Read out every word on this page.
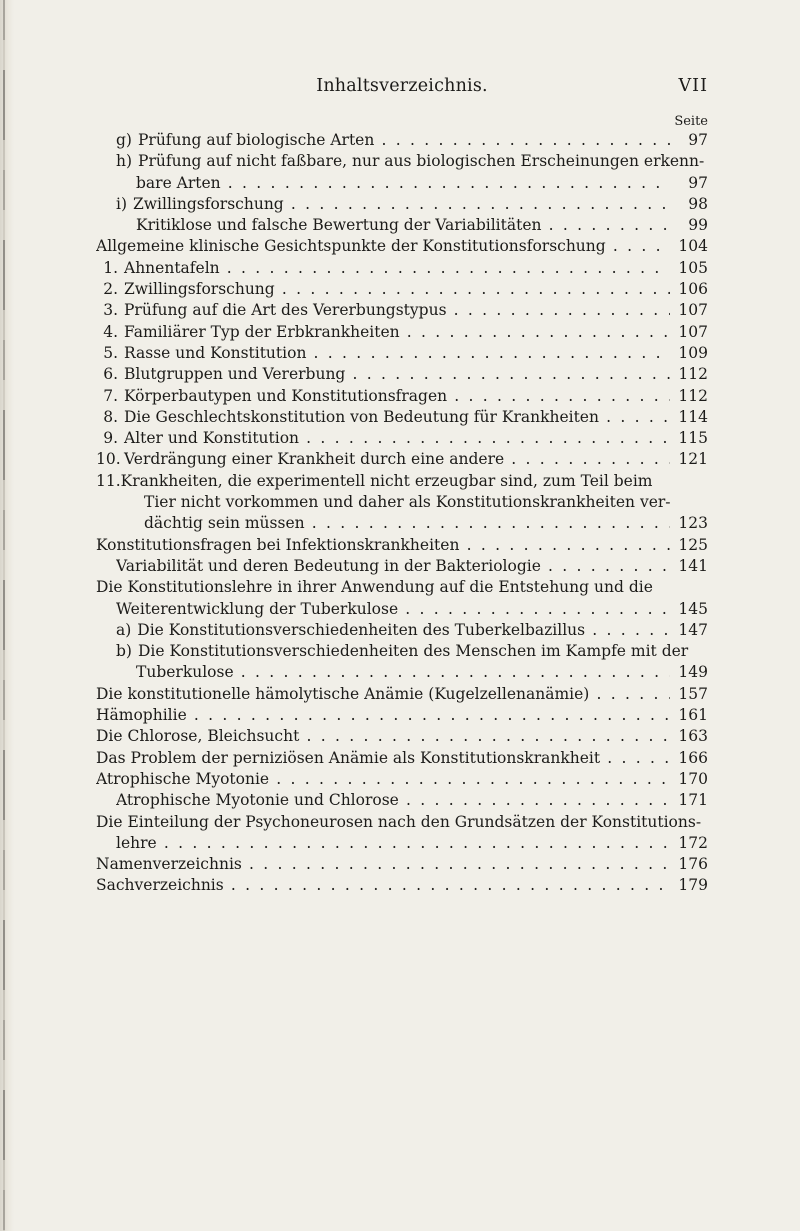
Inhaltsverzeichnis.	VII
Seite
g) Prüfung auf biologische Arten . . .	97
h) Prüfung auf nicht faßbare, nur aus biologischen Erscheinungen erkenn-
bare Arten . . .	97
i) Zwillingsforschung . . .	98
Kritiklose und falsche Bewertung der Variabilitäten . . .	99
Allgemeine klinische Gesichtspunkte der Konstitutionsforschung . . .	104
1. Ahnentafeln . . .	105
2. Zwillingsforschung . . .	106
3. Prüfung auf die Art des Vererbungstypus . . .	107
4. Familiärer Typ der Erbkrankheiten . . .	107
5. Rasse und Konstitution . . .	109
6. Blutgruppen und Vererbung . . .	112
7. Körperbautypen und Konstitutionsfragen . . .	112
8. Die Geschlechtskonstitution von Bedeutung für Krankheiten . . .	114
9. Alter und Konstitution . . .	115
10. Verdrängung einer Krankheit durch eine andere . . .	121
11.Krankheiten, die experimentell nicht erzeugbar sind, zum Teil beim
Tier nicht vorkommen und daher als Konstitutionskrankheiten ver-
dächtig sein müssen . . .	123
Konstitutionsfragen bei Infektionskrankheiten . . .	125
Variabilität und deren Bedeutung in der Bakteriologie . . .	141
Die Konstitutionslehre in ihrer Anwendung auf die Entstehung und die
Weiterentwicklung der Tuberkulose . . .	145
a) Die Konstitutionsverschiedenheiten des Tuberkelbazillus . . .	147
b) Die Konstitutionsverschiedenheiten des Menschen im Kampfe mit der
Tuberkulose . . .	149
Die konstitutionelle hämolytische Anämie (Kugelzellenanämie) . . .	157
Hämophilie . . .	161
Die Chlorose, Bleichsucht . . .	163
Das Problem der perniziösen Anämie als Konstitutionskrankheit . . .	166
Atrophische Myotonie . . .	170
Atrophische Myotonie und Chlorose . . .	171
Die Einteilung der Psychoneurosen nach den Grundsätzen der Konstitutions-
lehre . . .	172
Namenverzeichnis . . .	176
Sachverzeichnis . . .	179
